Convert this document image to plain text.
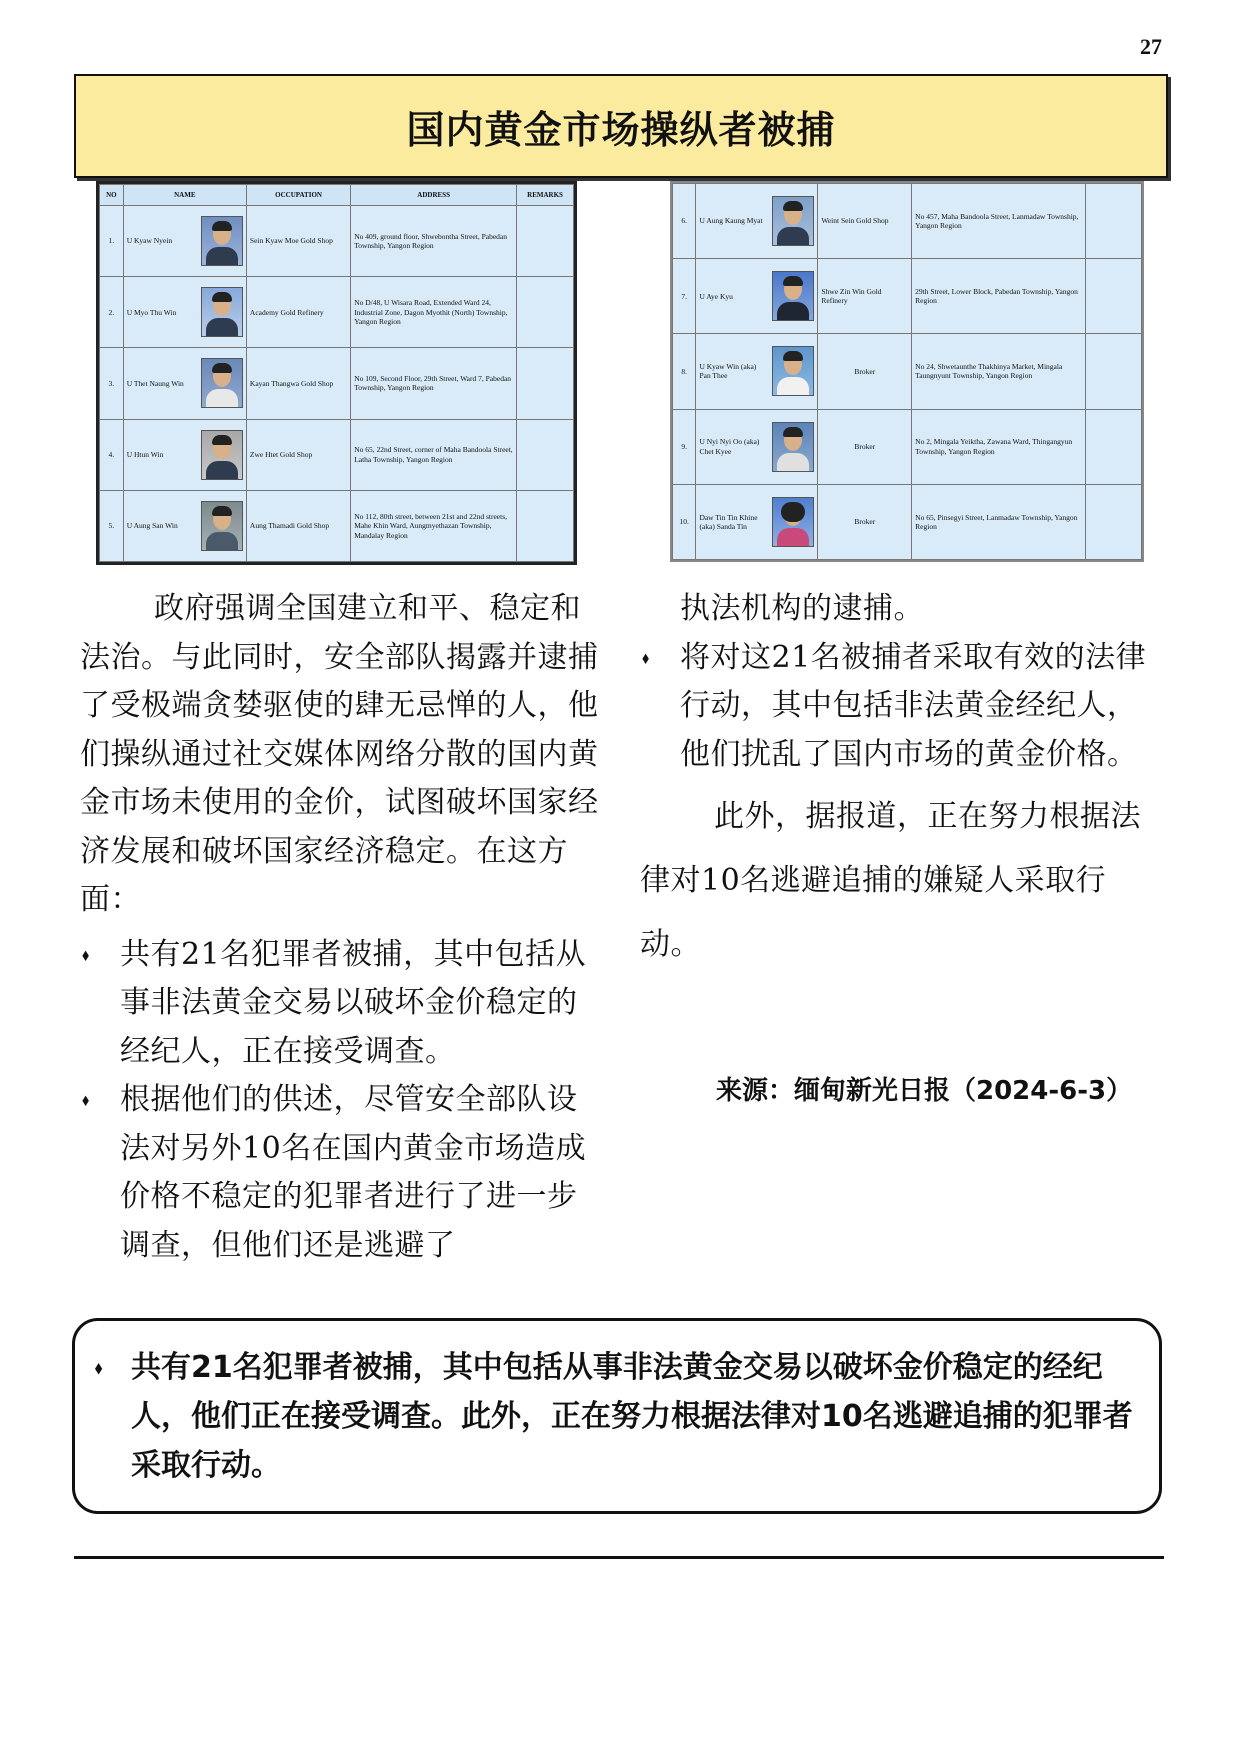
27
国内黄金市场操纵者被捕
NO	NAME	OCCUPATION	ADDRESS	REMARKS
1.	U Kyaw Nyein	Sein Kyaw Moe Gold Shop	No 409, ground floor, Shwebontha Street, Pabedan Township, Yangon Region	
2.	U Myo Thu Win	Academy Gold Refinery	No D/48, U Wisara Road, Extended Ward 24, Industrial Zone, Dagon Myothit (North) Township, Yangon Region	
3.	U Thet Naung Win	Kayan Thangwa Gold Shop	No 109, Second Floor, 29th Street, Ward 7, Pabedan Township, Yangon Region	
4.	U Htun Win	Zwe Htet Gold Shop	No 65, 22nd Street, corner of Maha Bandoola Street, Latha Township, Yangon Region	
5.	U Aung San Win	Aung Thamadi Gold Shop	No 112, 80th street, between 21st and 22nd streets, Mahe Khin Ward, Aungmyethazan Township, Mandalay Region	
6.	U Aung Kaung Myat	Weint Sein Gold Shop	No 457, Maha Bandoola Street, Lanmadaw Township, Yangon Region	
7.	U Aye Kyu	Shwe Zin Win Gold Refinery	29th Street, Lower Block, Pabedan Township, Yangon Region	
8.	U Kyaw Win (aka) Pan Thee	Broker	No 24, Shwetaunthe Thakhinya Market, Mingala Taungnyunt Township, Yangon Region	
9.	U Nyi Nyi Oo (aka) Chet Kyee	Broker	No 2, Mingala Yeiktha, Zawana Ward, Thingangyun Township, Yangon Region	
10.	Daw Tin Tin Khine (aka) Sanda Tin	Broker	No 65, Pinsegyi Street, Lanmadaw Township, Yangon Region	

政府强调全国建立和平、稳定和法治。与此同时，安全部队揭露并逮捕了受极端贪婪驱使的肆无忌惮的人，他们操纵通过社交媒体网络分散的国内黄金市场未使用的金价，试图破坏国家经济发展和破坏国家经济稳定。在这方面：

⬧ 共有21名犯罪者被捕，其中包括从事非法黄金交易以破坏金价稳定的经纪人，正在接受调查。

⬧ 根据他们的供述，尽管安全部队设法对另外10名在国内黄金市场造成价格不稳定的犯罪者进行了进一步调查，但他们还是逃避了

执法机构的逮捕。

⬧ 将对这21名被捕者采取有效的法律行动，其中包括非法黄金经纪人，他们扰乱了国内市场的黄金价格。

此外，据报道，正在努力根据法律对10名逃避追捕的嫌疑人采取行动。

来源：缅甸新光日报（2024-6-3）

⬧ 共有21名犯罪者被捕，其中包括从事非法黄金交易以破坏金价稳定的经纪人，他们正在接受调查。此外，正在努力根据法律对10名逃避追捕的犯罪者采取行动。
